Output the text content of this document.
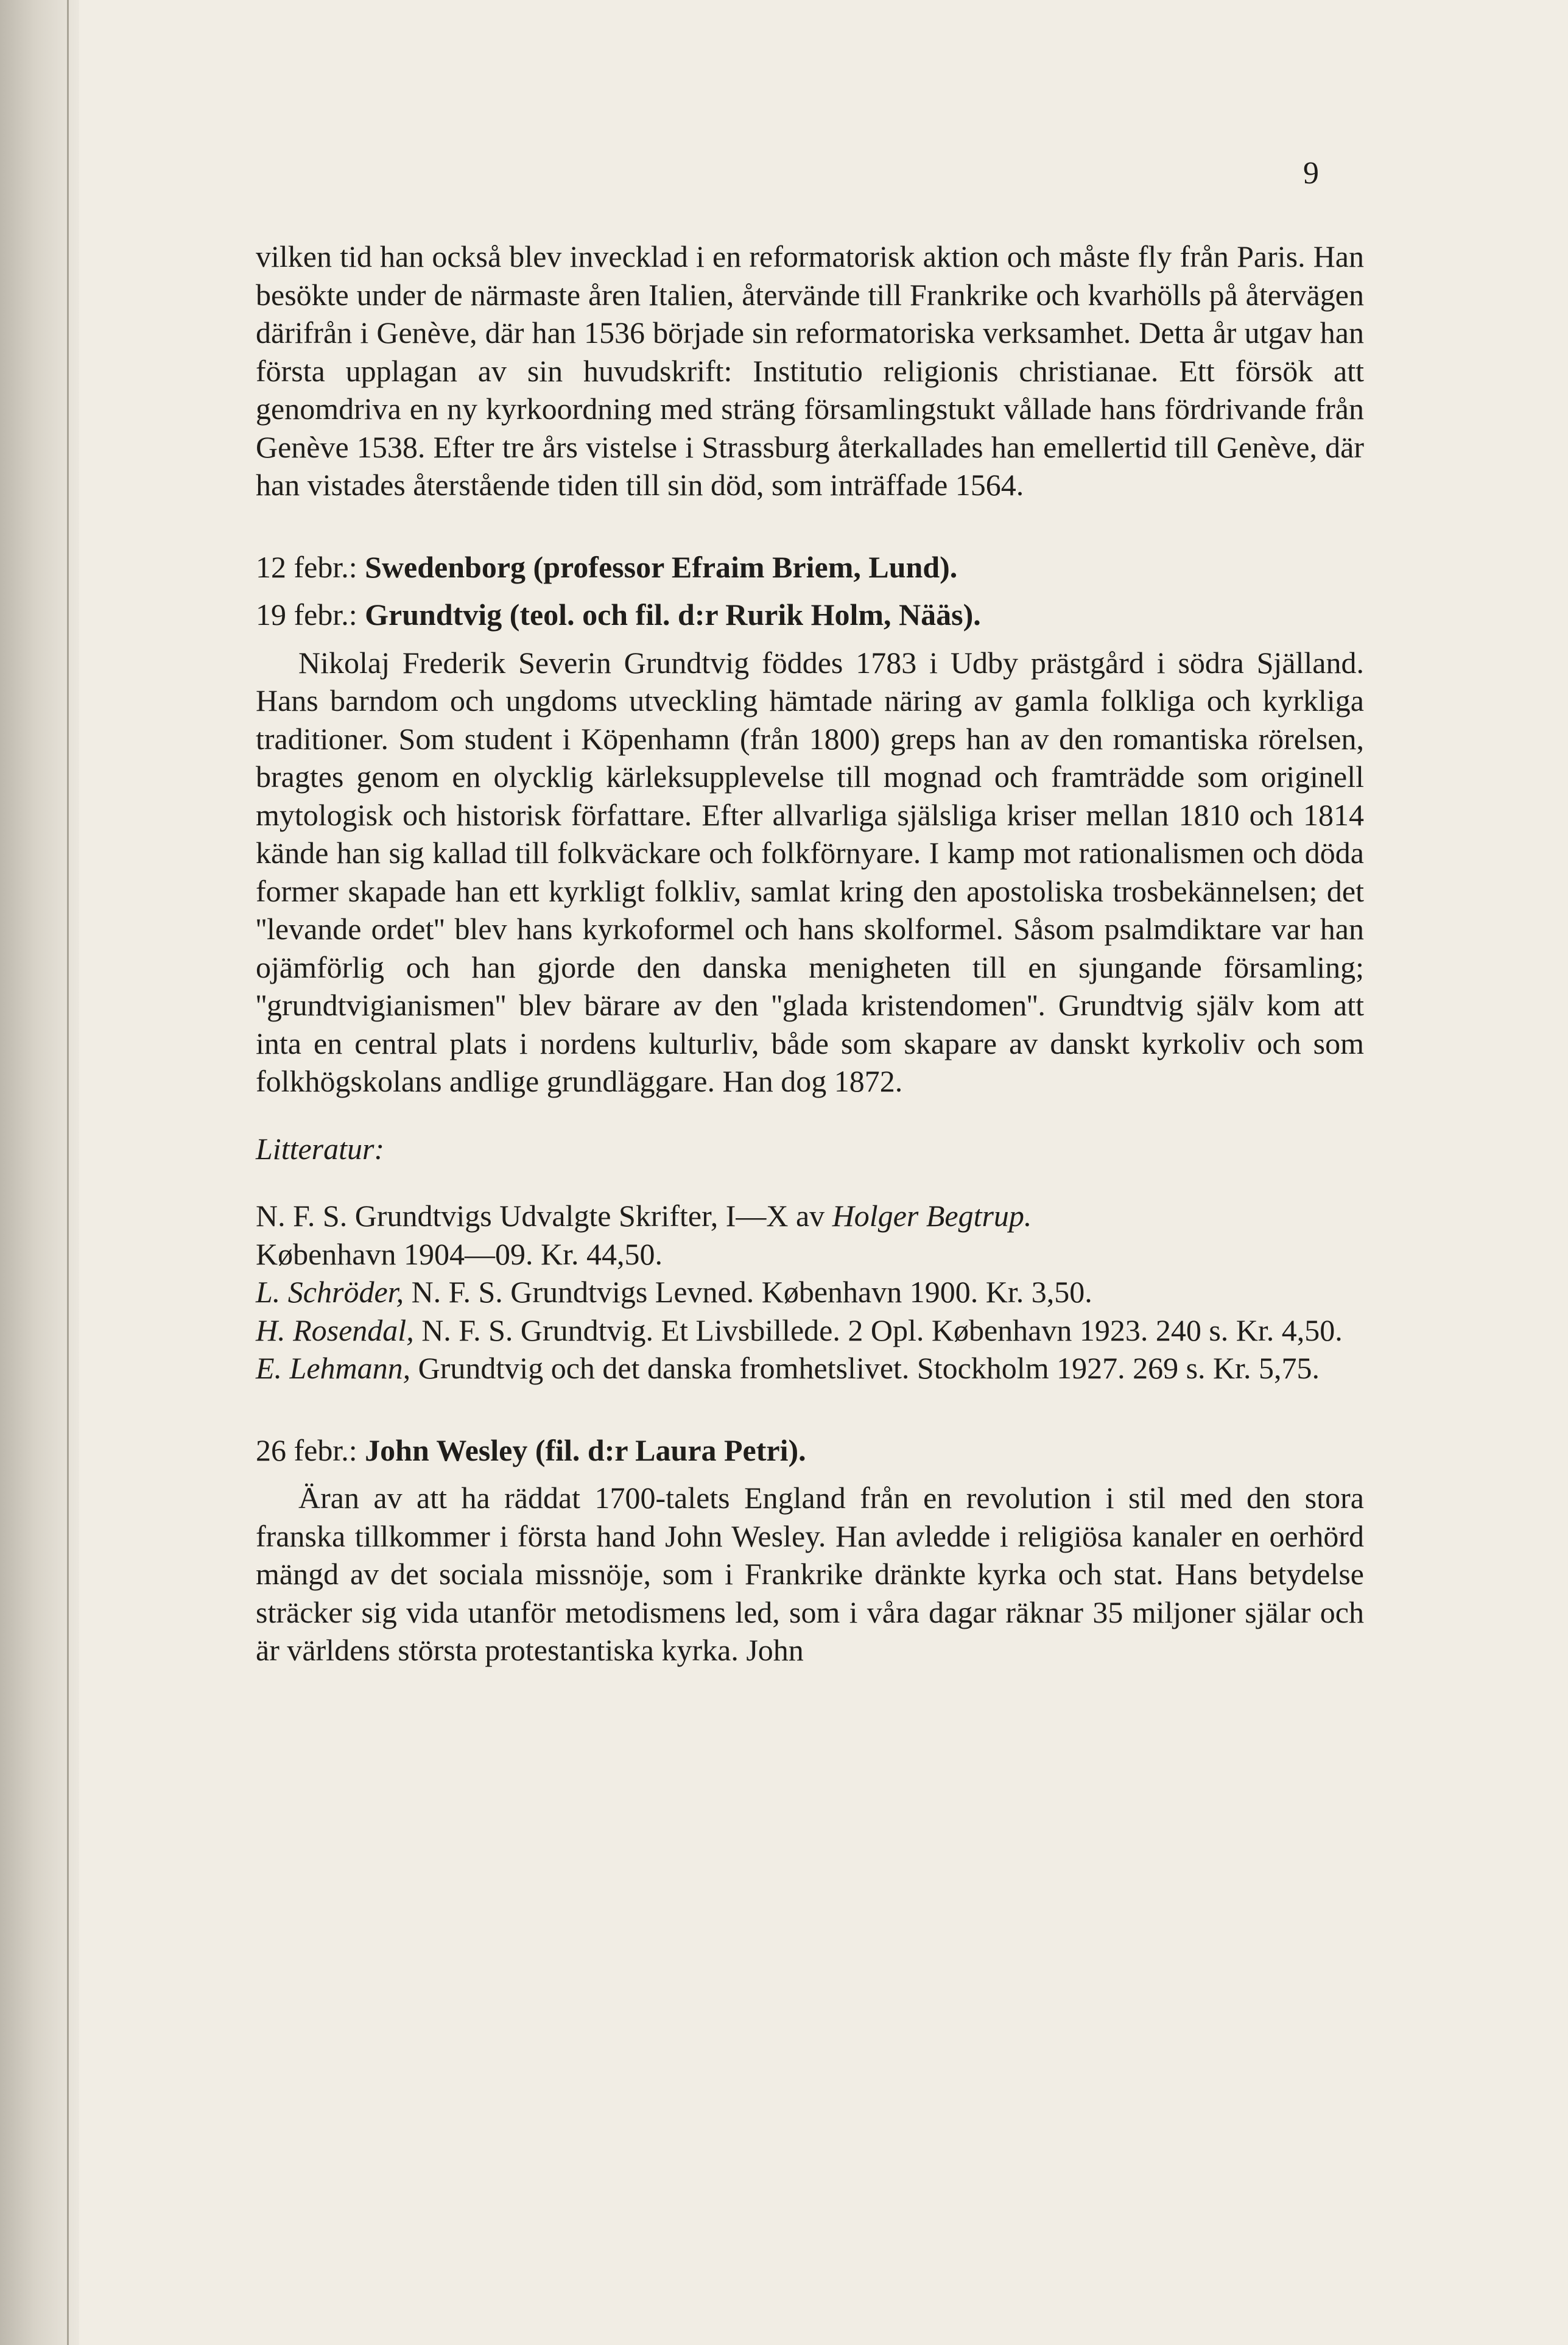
9

vilken tid han också blev invecklad i en reformatorisk aktion och måste fly från Paris. Han besökte under de närmaste åren Italien, återvände till Frankrike och kvarhölls på återvägen därifrån i Genève, där han 1536 började sin reformatoriska verksamhet. Detta år utgav han första upplagan av sin huvudskrift: Institutio religionis christianae. Ett försök att genomdriva en ny kyrkoordning med sträng församlingstukt vållade hans fördrivande från Genève 1538. Efter tre års vistelse i Strassburg återkallades han emellertid till Genève, där han vistades återstående tiden till sin död, som inträffade 1564.

12 febr.: Swedenborg (professor Efraim Briem, Lund).

19 febr.: Grundtvig (teol. och fil. d:r Rurik Holm, Nääs).

Nikolaj Frederik Severin Grundtvig föddes 1783 i Udby prästgård i södra Själland. Hans barndom och ungdoms utveckling hämtade näring av gamla folkliga och kyrkliga traditioner. Som student i Köpenhamn (från 1800) greps han av den romantiska rörelsen, bragtes genom en olycklig kärleksupplevelse till mognad och framträdde som originell mytologisk och historisk författare. Efter allvarliga själsliga kriser mellan 1810 och 1814 kände han sig kallad till folkväckare och folkförnyare. I kamp mot rationalismen och döda former skapade han ett kyrkligt folkliv, samlat kring den apostoliska trosbekännelsen; det ''levande ordet'' blev hans kyrkoformel och hans skolformel. Såsom psalmdiktare var han ojämförlig och han gjorde den danska menigheten till en sjungande församling; ''grundtvigianismen'' blev bärare av den ''glada kristendomen''. Grundtvig själv kom att inta en central plats i nordens kulturliv, både som skapare av danskt kyrkoliv och som folkhögskolans andlige grundläggare. Han dog 1872.

Litteratur:

N. F. S. Grundtvigs Udvalgte Skrifter, I—X av Holger Begtrup.
København 1904—09. Kr. 44,50.

L. Schröder, N. F. S. Grundtvigs Levned. København 1900. Kr. 3,50.

H. Rosendal, N. F. S. Grundtvig. Et Livsbillede. 2 Opl. København 1923. 240 s. Kr. 4,50.

E. Lehmann, Grundtvig och det danska fromhetslivet. Stockholm 1927. 269 s. Kr. 5,75.

26 febr.: John Wesley (fil. d:r Laura Petri).

Äran av att ha räddat 1700-talets England från en revolution i stil med den stora franska tillkommer i första hand John Wesley. Han avledde i religiösa kanaler en oerhörd mängd av det sociala missnöje, som i Frankrike dränkte kyrka och stat. Hans betydelse sträcker sig vida utanför metodismens led, som i våra dagar räknar 35 miljoner själar och är världens största protestantiska kyrka. John
